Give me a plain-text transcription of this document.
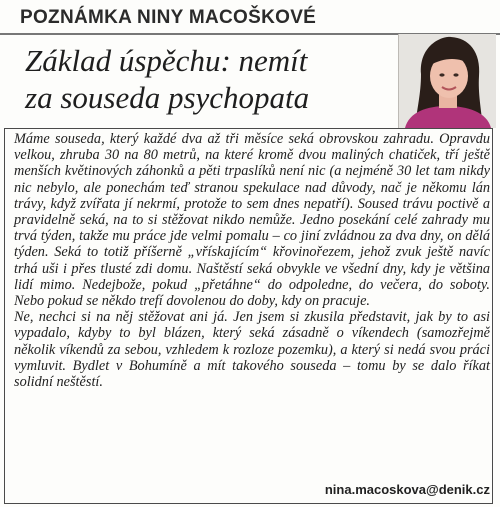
POZNÁMKA NINY MACOŠKOVÉ
Základ úspěchu: nemít
za souseda psychopata

Máme souseda, který každé dva až tři měsíce seká obrovskou zahradu. Opravdu velkou, zhruba 30 na 80 metrů, na které kromě dvou maliných chatiček, tří ještě menších květinových záhonků a pěti trpaslíků není nic (a nejméně 30 let tam nikdy nic nebylo, ale ponechám teď stranou spekulace nad důvody, nač je někomu lán trávy, když zvířata jí nekrmí, protože to sem dnes nepatří). Soused trávu poctivě a pravidelně seká, na to si stěžovat nikdo nemůže. Jedno posekání celé zahrady mu trvá týden, takže mu práce jde velmi pomalu – co jiní zvládnou za dva dny, on dělá týden. Seká to totiž příšerně „vřískajícím“ křovinořezem, jehož zvuk ještě navíc trhá uši i přes tlusté zdi domu. Naštěstí seká obvykle ve všední dny, kdy je většina lidí mimo. Nedejbože, pokud „přetáhne“ do odpoledne, do večera, do soboty. Nebo pokud se někdo trefí dovolenou do doby, kdy on pracuje.

Ne, nechci si na něj stěžovat ani já. Jen jsem si zkusila představit, jak by to asi vypadalo, kdyby to byl blázen, který seká zásadně o víkendech (samozřejmě několik víkendů za sebou, vzhledem k rozloze pozemku), a který si nedá svou práci vymluvit. Bydlet v Bohumíně a mít takového souseda – tomu by se dalo říkat solidní neštěstí.

nina.macoskova@denik.cz
